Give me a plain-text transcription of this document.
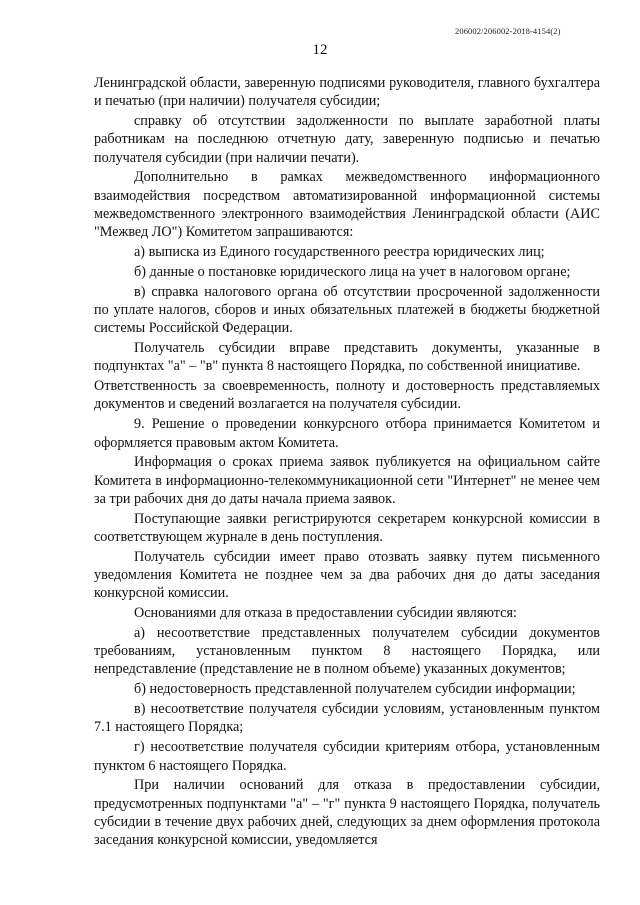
206002/206002-2018-4154(2)
12

Ленинградской области, заверенную подписями руководителя, главного бухгалтера и печатью (при наличии) получателя субсидии;

справку об отсутствии задолженности по выплате заработной платы работникам на последнюю отчетную дату, заверенную подписью и печатью получателя субсидии (при наличии печати).

Дополнительно в рамках межведомственного информационного взаимодействия посредством автоматизированной информационной системы межведомственного электронного взаимодействия Ленинградской области (АИС "Межвед ЛО") Комитетом запрашиваются:

а) выписка из Единого государственного реестра юридических лиц;

б) данные о постановке юридического лица на учет в налоговом органе;

в) справка налогового органа об отсутствии просроченной задолженности по уплате налогов, сборов и иных обязательных платежей в бюджеты бюджетной системы Российской Федерации.

Получатель субсидии вправе представить документы, указанные в подпунктах "а" – "в" пункта 8 настоящего Порядка, по собственной инициативе.

Ответственность за своевременность, полноту и достоверность представляемых документов и сведений возлагается на получателя субсидии.

9. Решение о проведении конкурсного отбора принимается Комитетом и оформляется правовым актом Комитета.

Информация о сроках приема заявок публикуется на официальном сайте Комитета в информационно-телекоммуникационной сети "Интернет" не менее чем за три рабочих дня до даты начала приема заявок.

Поступающие заявки регистрируются секретарем конкурсной комиссии в соответствующем журнале в день поступления.

Получатель субсидии имеет право отозвать заявку путем письменного уведомления Комитета не позднее чем за два рабочих дня до даты заседания конкурсной комиссии.

Основаниями для отказа в предоставлении субсидии являются:

а) несоответствие представленных получателем субсидии документов требованиям, установленным пунктом 8 настоящего Порядка, или непредставление (представление не в полном объеме) указанных документов;

б) недостоверность представленной получателем субсидии информации;

в) несоответствие получателя субсидии условиям, установленным пунктом 7.1 настоящего Порядка;

г) несоответствие получателя субсидии критериям отбора, установленным пунктом 6 настоящего Порядка.

При наличии оснований для отказа в предоставлении субсидии, предусмотренных подпунктами "а" – "г" пункта 9 настоящего Порядка, получатель субсидии в течение двух рабочих дней, следующих за днем оформления протокола заседания конкурсной комиссии, уведомляется
